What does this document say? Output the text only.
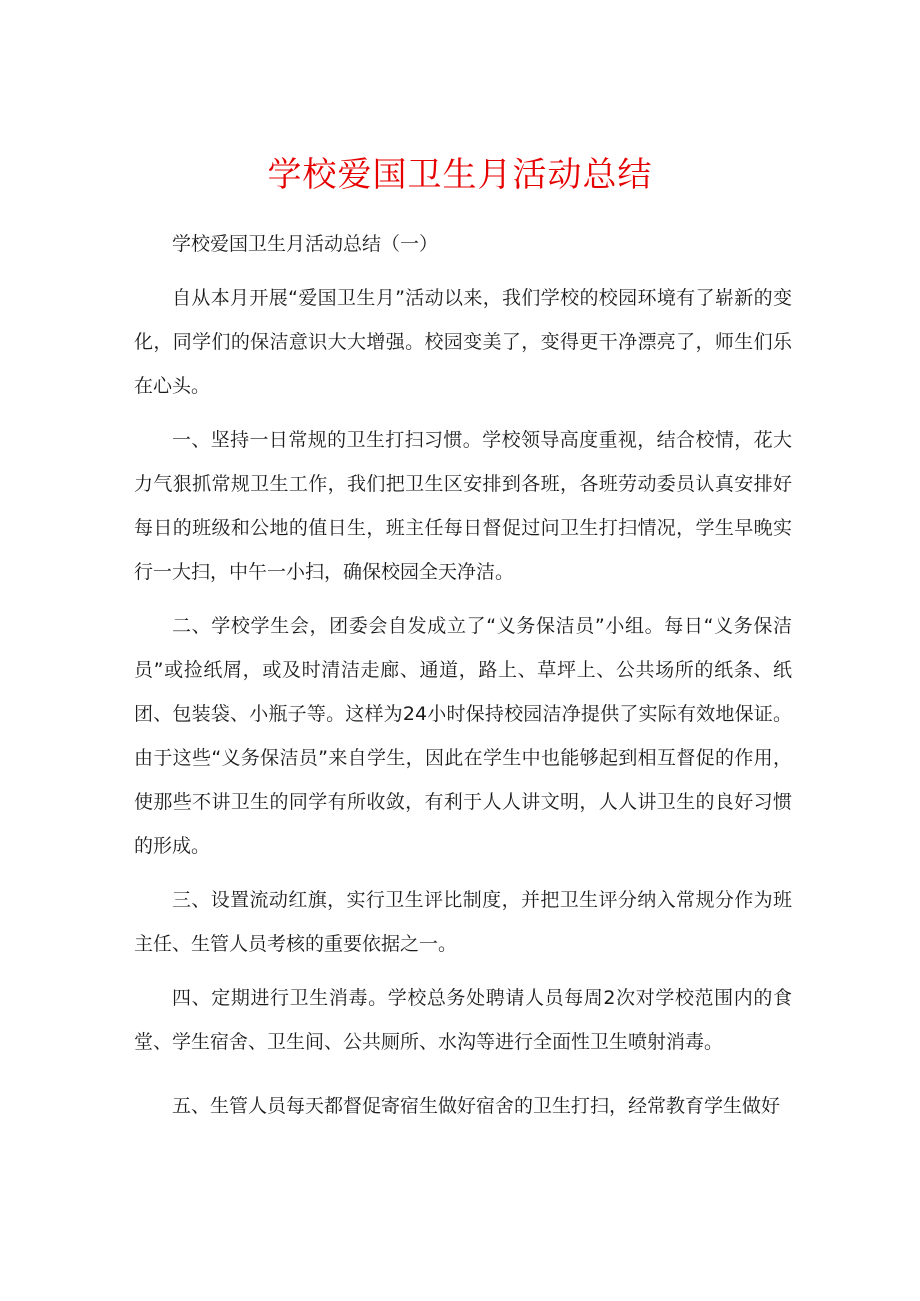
学校爱国卫生月活动总结

学校爱国卫生月活动总结（一）

自从本月开展“爱国卫生月”活动以来，我们学校的校园环境有了崭新的变化，同学们的保洁意识大大增强。校园变美了，变得更干净漂亮了，师生们乐在心头。

一、坚持一日常规的卫生打扫习惯。学校领导高度重视，结合校情，花大力气狠抓常规卫生工作，我们把卫生区安排到各班，各班劳动委员认真安排好每日的班级和公地的值日生，班主任每日督促过问卫生打扫情况，学生早晚实行一大扫，中午一小扫，确保校园全天净洁。

二、学校学生会，团委会自发成立了“义务保洁员”小组。每日“义务保洁员”或捡纸屑，或及时清洁走廊、通道，路上、草坪上、公共场所的纸条、纸团、包装袋、小瓶子等。这样为24小时保持校园洁净提供了实际有效地保证。由于这些“义务保洁员”来自学生，因此在学生中也能够起到相互督促的作用，使那些不讲卫生的同学有所收敛，有利于人人讲文明，人人讲卫生的良好习惯的形成。

三、设置流动红旗，实行卫生评比制度，并把卫生评分纳入常规分作为班主任、生管人员考核的重要依据之一。

四、定期进行卫生消毒。学校总务处聘请人员每周2次对学校范围内的食堂、学生宿舍、卫生间、公共厕所、水沟等进行全面性卫生喷射消毒。

五、生管人员每天都督促寄宿生做好宿舍的卫生打扫，经常教育学生做好
